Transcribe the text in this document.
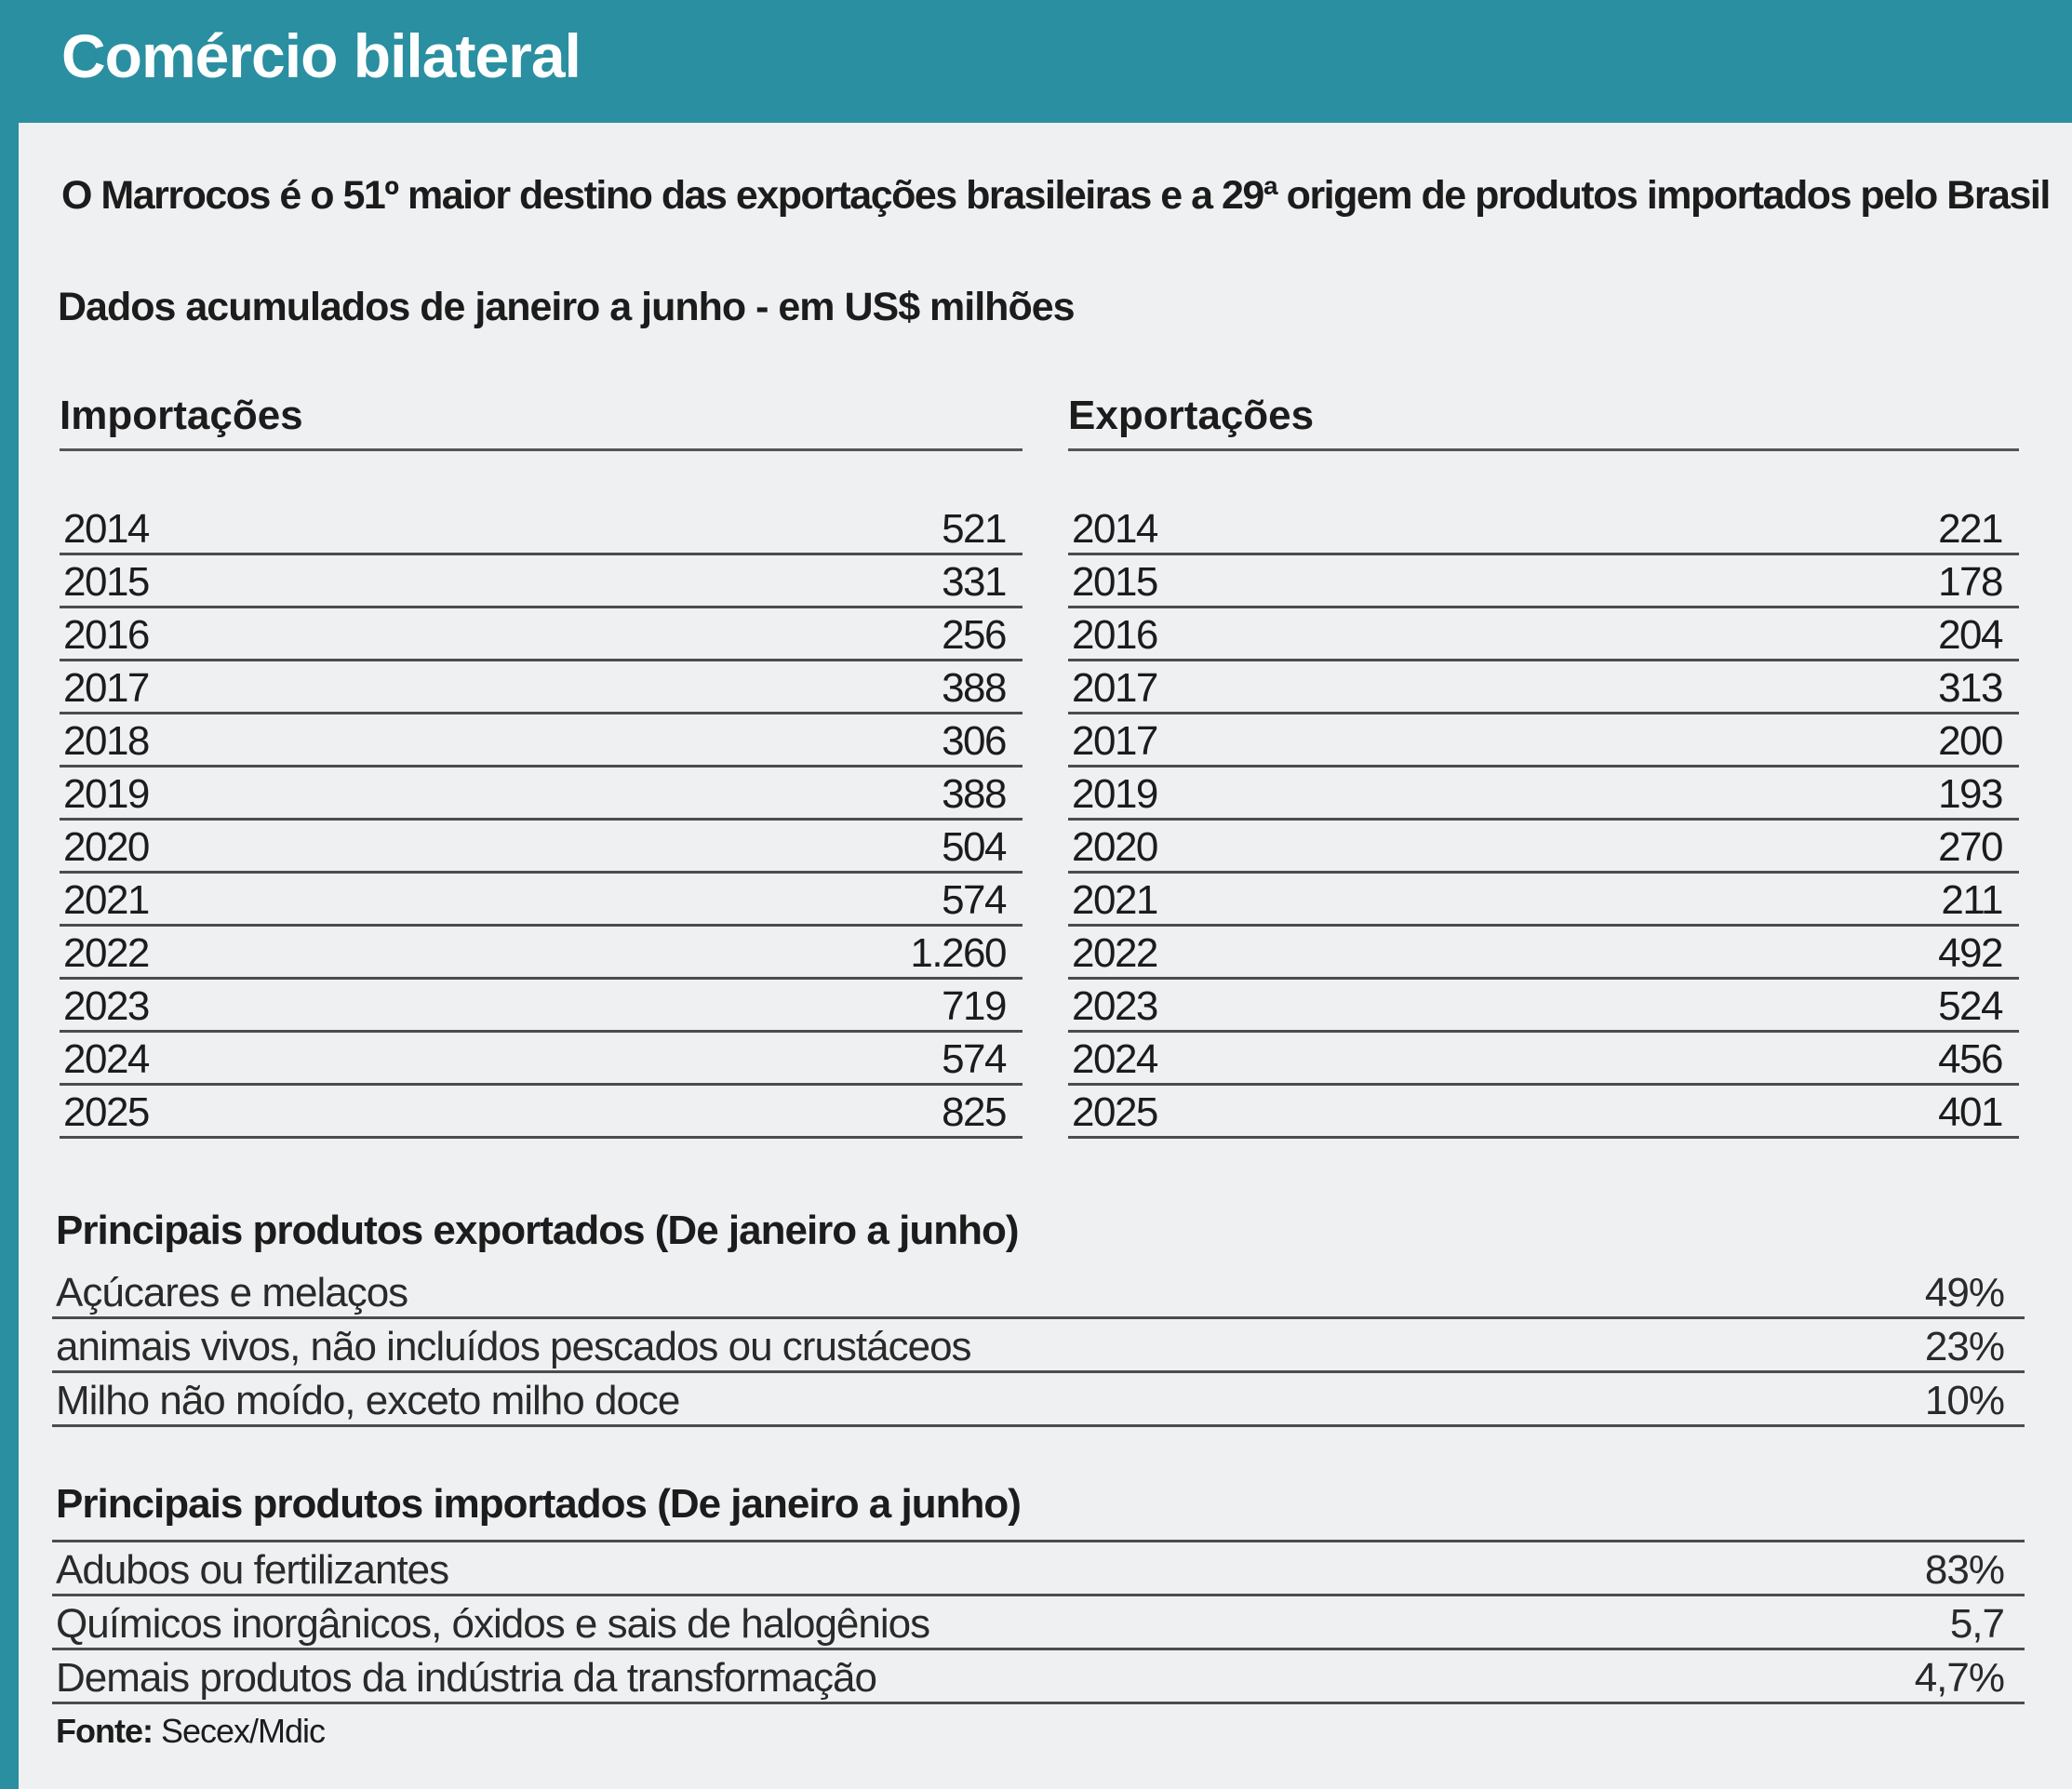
Comércio bilateral
O Marrocos é o 51º maior destino das exportações brasileiras e a 29ª origem de produtos importados pelo Brasil
Dados acumulados de janeiro a junho - em US$ milhões
Importações	Exportações
2014	521
2015	331
2016	256
2017	388
2018	306
2019	388
2020	504
2021	574
2022	1.260
2023	719
2024	574
2025	825
2014	221
2015	178
2016	204
2017	313
2017	200
2019	193
2020	270
2021	211
2022	492
2023	524
2024	456
2025	401
Principais produtos exportados (De janeiro a junho)
Açúcares e melaços	49%
animais vivos, não incluídos pescados ou crustáceos	23%
Milho não moído, exceto milho doce	10%
Principais produtos importados (De janeiro a junho)
Adubos ou fertilizantes	83%
Químicos inorgânicos, óxidos e sais de halogênios	5,7
Demais produtos da indústria da transformação	4,7%
Fonte: Secex/Mdic
